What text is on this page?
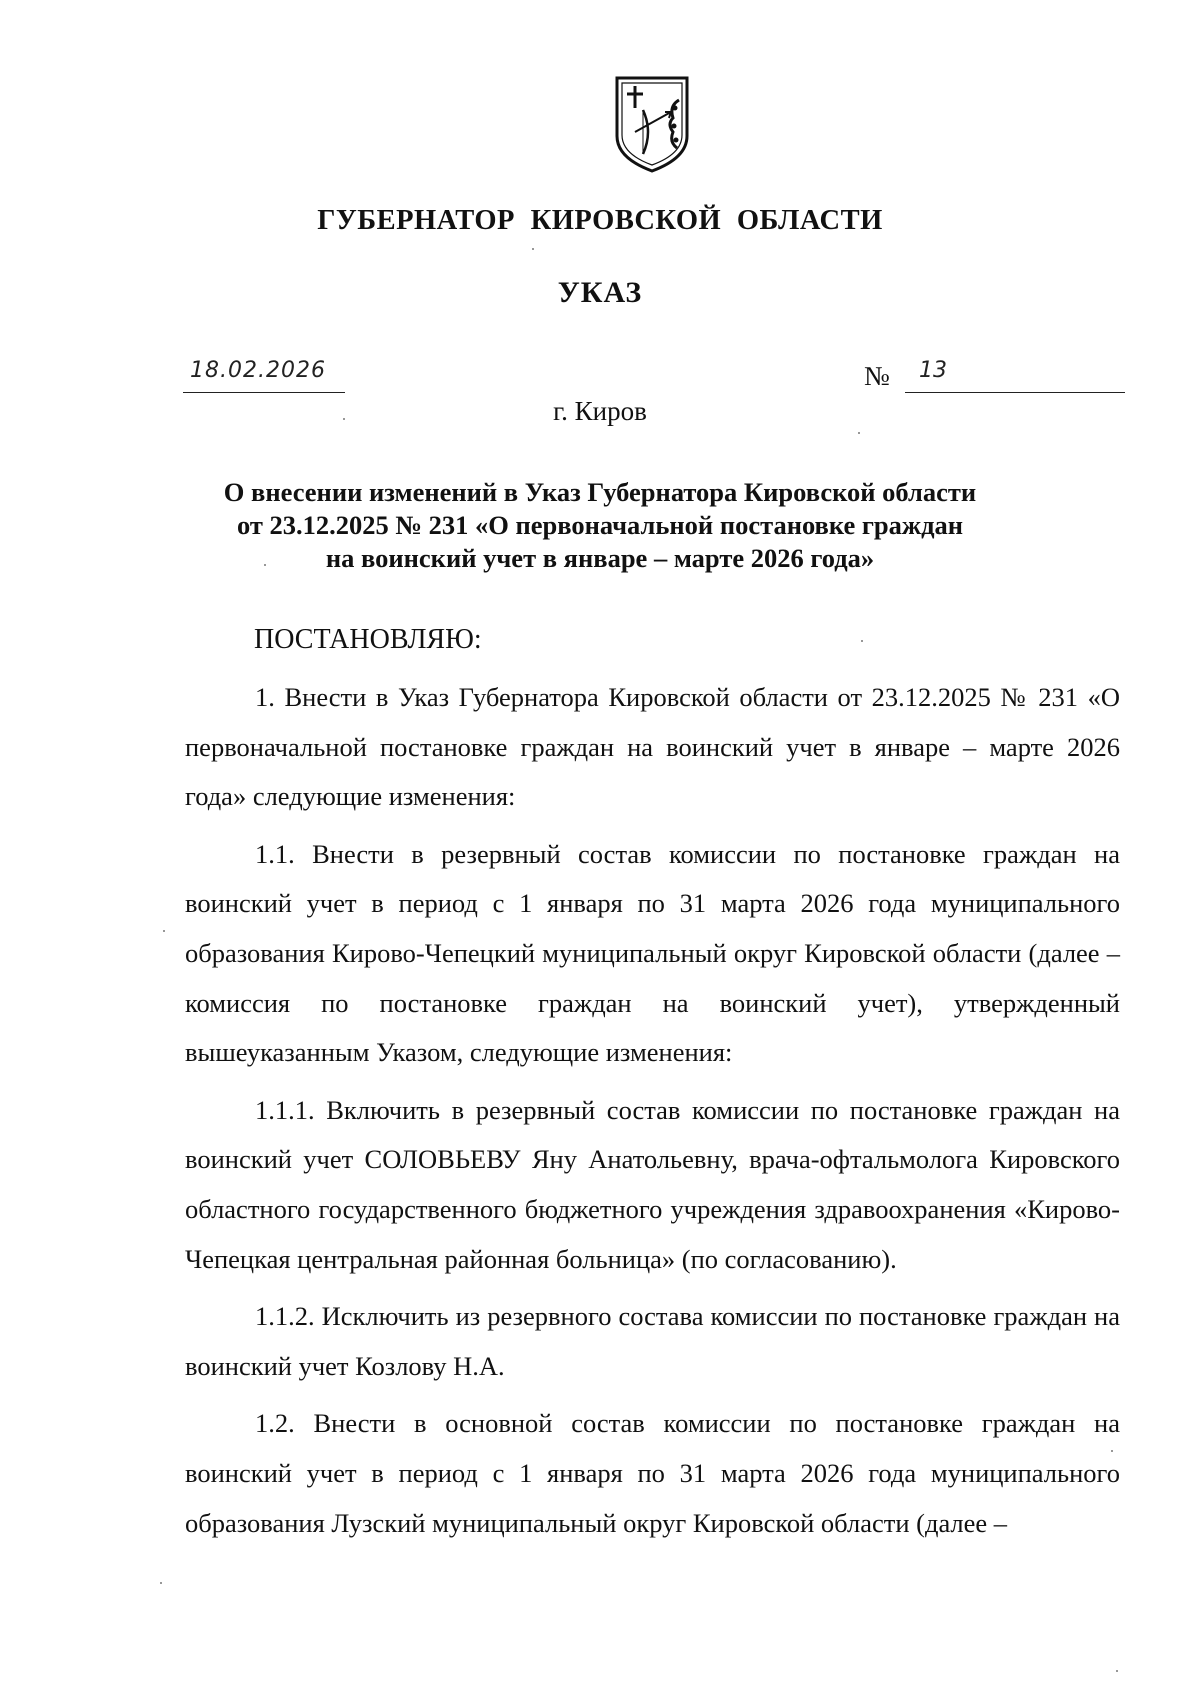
ГУБЕРНАТОР КИРОВСКОЙ ОБЛАСТИ
УКАЗ
18.02.2026	№ 13
г. Киров
О внесении изменений в Указ Губернатора Кировской области
от 23.12.2025 № 231 «О первоначальной постановке граждан
на воинский учет в январе – марте 2026 года»
ПОСТАНОВЛЯЮ:

1. Внести в Указ Губернатора Кировской области от 23.12.2025 № 231 «О первоначальной постановке граждан на воинский учет в январе – марте 2026 года» следующие изменения:

1.1. Внести в резервный состав комиссии по постановке граждан на воинский учет в период с 1 января по 31 марта 2026 года муниципального образования Кирово-Чепецкий муниципальный округ Кировской области (далее – комиссия по постановке граждан на воинский учет), утвержденный вышеуказанным Указом, следующие изменения:

1.1.1. Включить в резервный состав комиссии по постановке граждан на воинский учет СОЛОВЬЕВУ Яну Анатольевну, врача-офтальмолога Кировского областного государственного бюджетного учреждения здравоохранения «Кирово-Чепецкая центральная районная больница» (по согласованию).

1.1.2. Исключить из резервного состава комиссии по постановке граждан на воинский учет Козлову Н.А.

1.2. Внести в основной состав комиссии по постановке граждан на воинский учет в период с 1 января по 31 марта 2026 года муниципального образования Лузский муниципальный округ Кировской области (далее –
